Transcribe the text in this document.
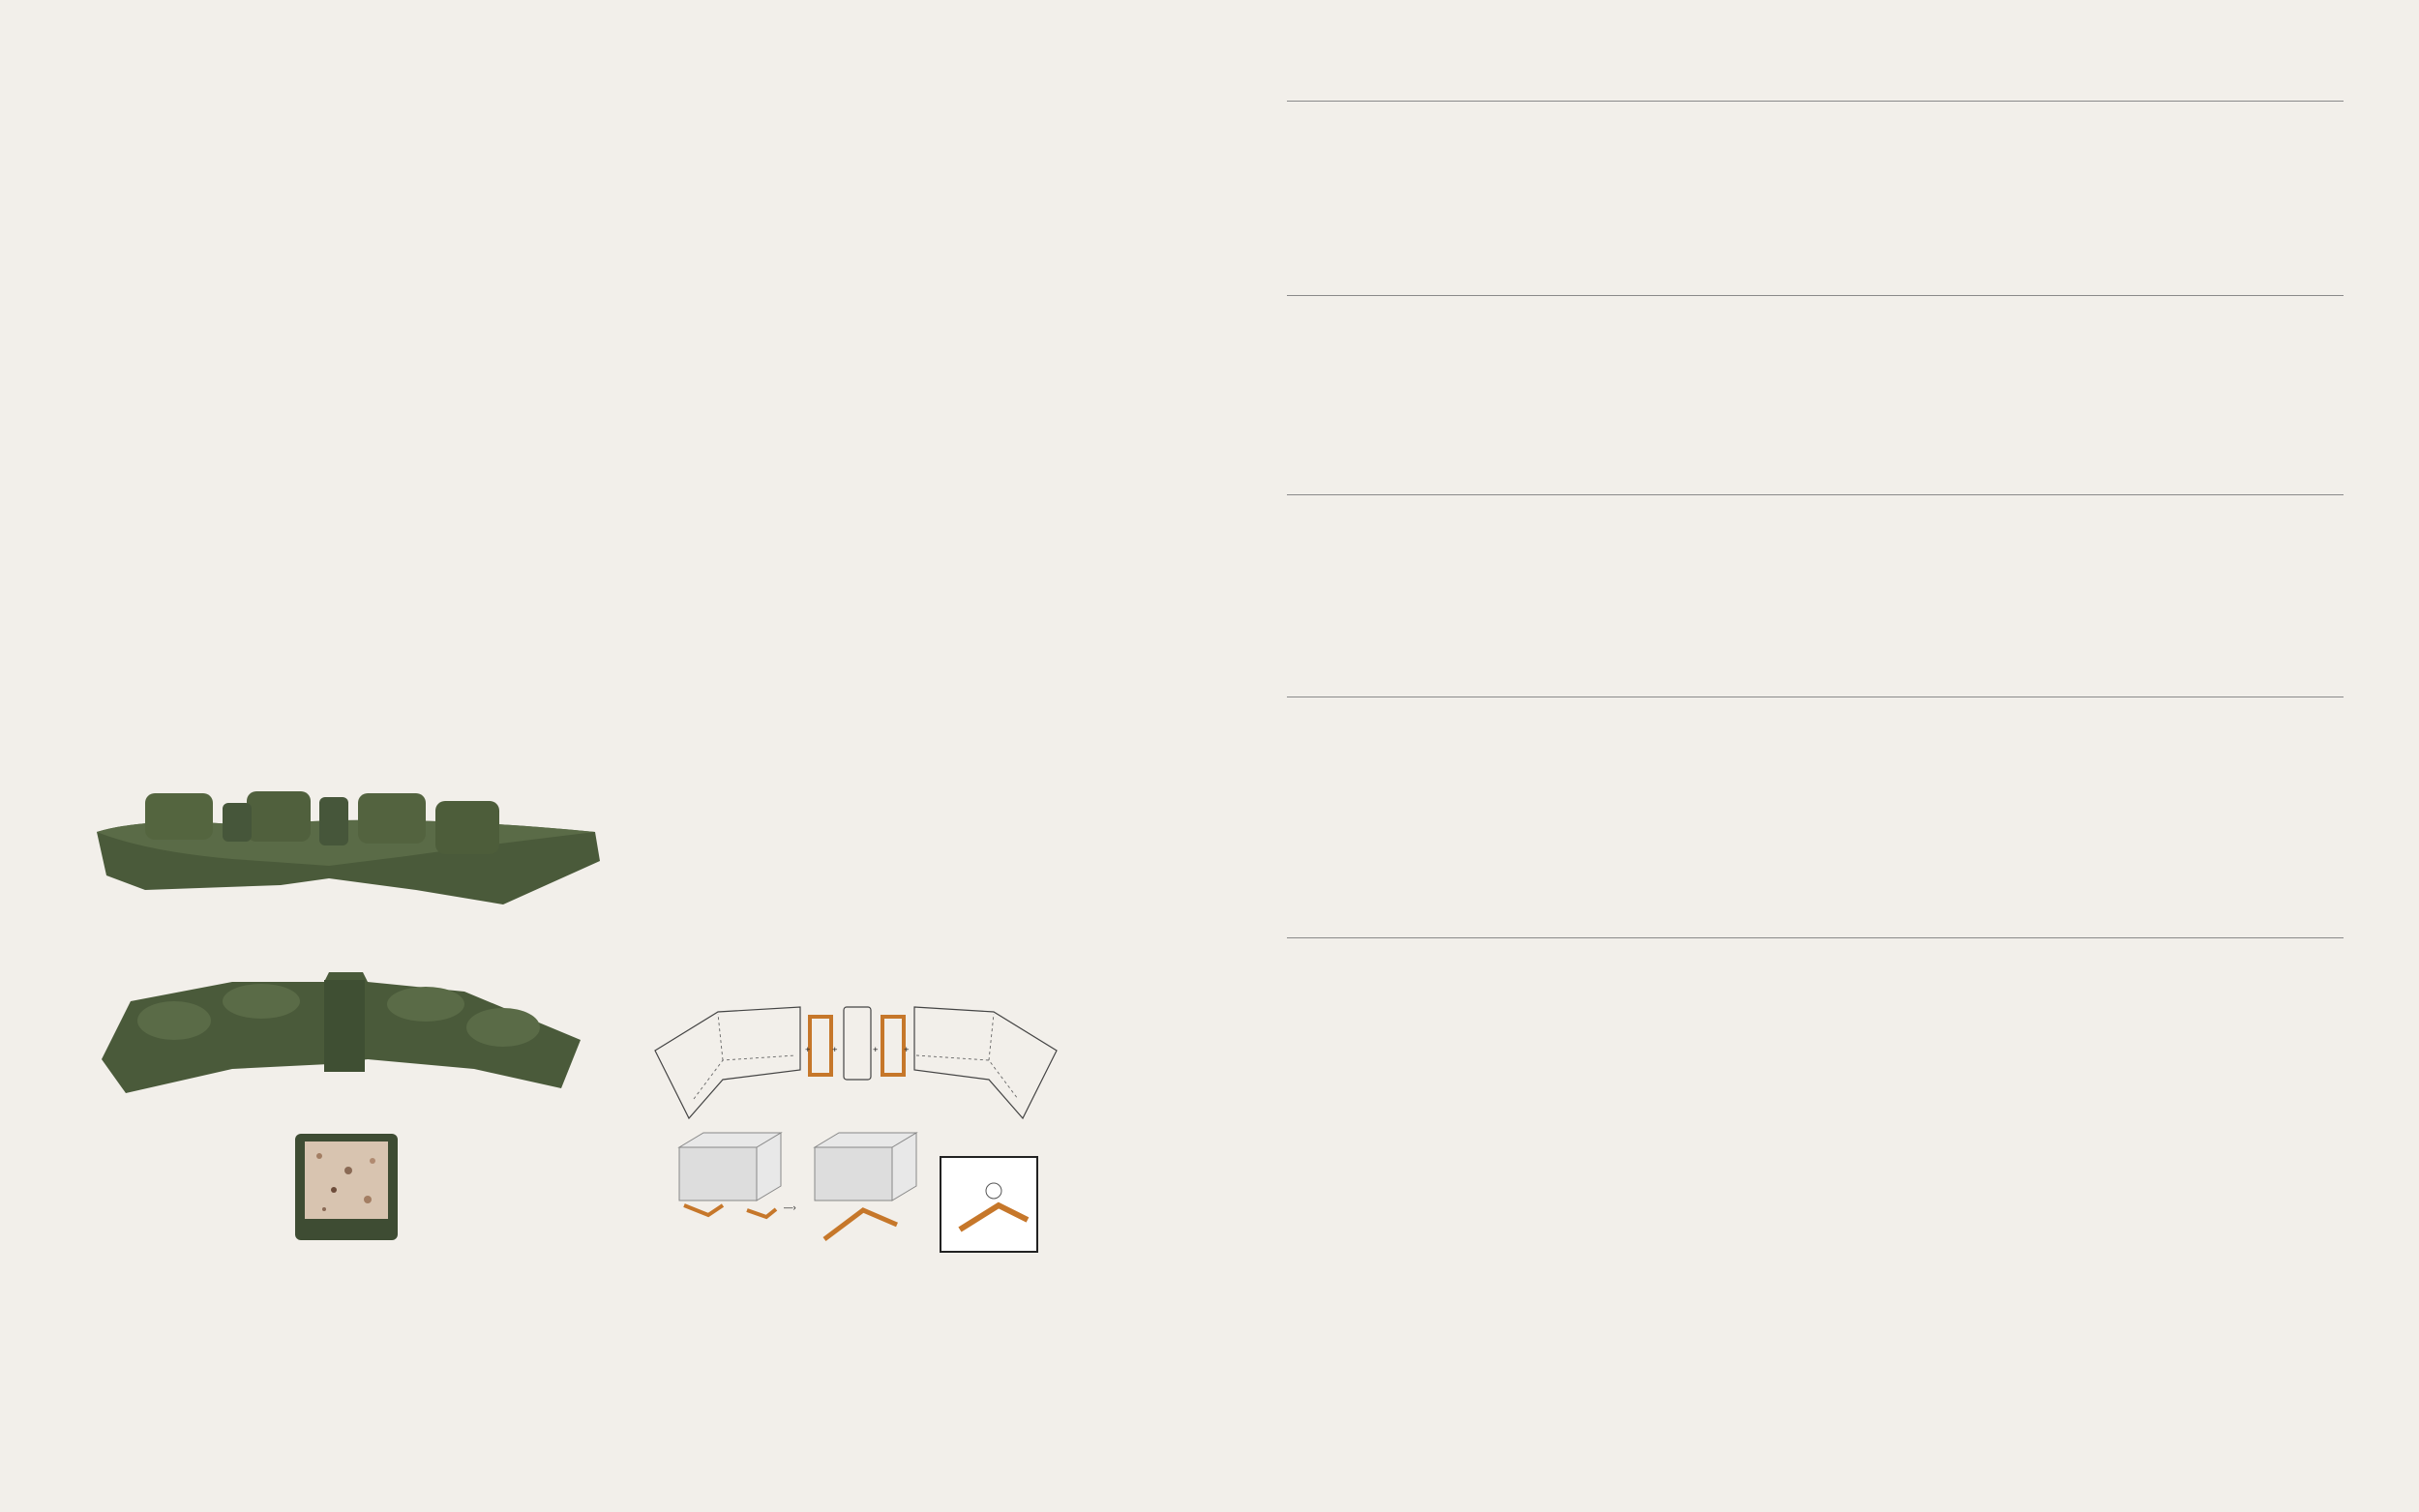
+ +	+	+
—›
